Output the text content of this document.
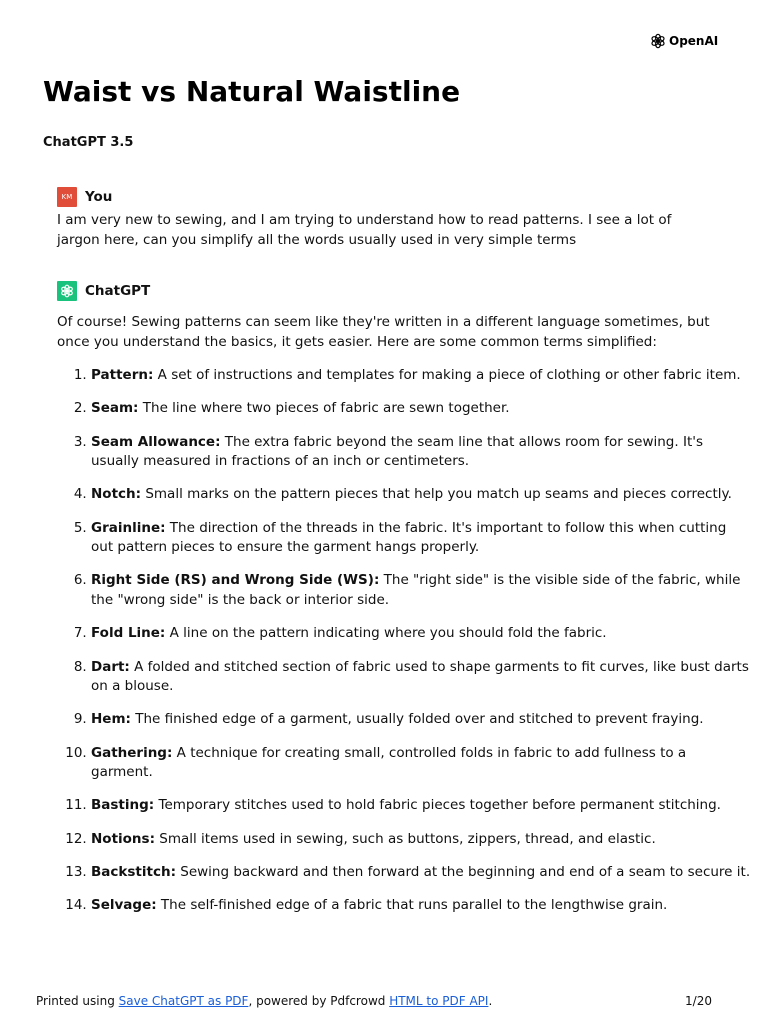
OpenAI
Waist vs Natural Waistline
ChatGPT 3.5
KM You

I am very new to sewing, and I am trying to understand how to read patterns. I see a lot of jargon here, can you simplify all the words usually used in very simple terms

ChatGPT

Of course! Sewing patterns can seem like they're written in a different language sometimes, but once you understand the basics, it gets easier. Here are some common terms simplified:

1. Pattern: A set of instructions and templates for making a piece of clothing or other fabric item.
2. Seam: The line where two pieces of fabric are sewn together.
3. Seam Allowance: The extra fabric beyond the seam line that allows room for sewing. It's usually measured in fractions of an inch or centimeters.
4. Notch: Small marks on the pattern pieces that help you match up seams and pieces correctly.
5. Grainline: The direction of the threads in the fabric. It's important to follow this when cutting out pattern pieces to ensure the garment hangs properly.
6. Right Side (RS) and Wrong Side (WS): The "right side" is the visible side of the fabric, while the "wrong side" is the back or interior side.
7. Fold Line: A line on the pattern indicating where you should fold the fabric.
8. Dart: A folded and stitched section of fabric used to shape garments to fit curves, like bust darts on a blouse.
9. Hem: The finished edge of a garment, usually folded over and stitched to prevent fraying.
10. Gathering: A technique for creating small, controlled folds in fabric to add fullness to a garment.
11. Basting: Temporary stitches used to hold fabric pieces together before permanent stitching.
12. Notions: Small items used in sewing, such as buttons, zippers, thread, and elastic.
13. Backstitch: Sewing backward and then forward at the beginning and end of a seam to secure it.
14. Selvage: The self-finished edge of a fabric that runs parallel to the lengthwise grain.
Printed using Save ChatGPT as PDF, powered by Pdfcrowd HTML to PDF API.	1/20
